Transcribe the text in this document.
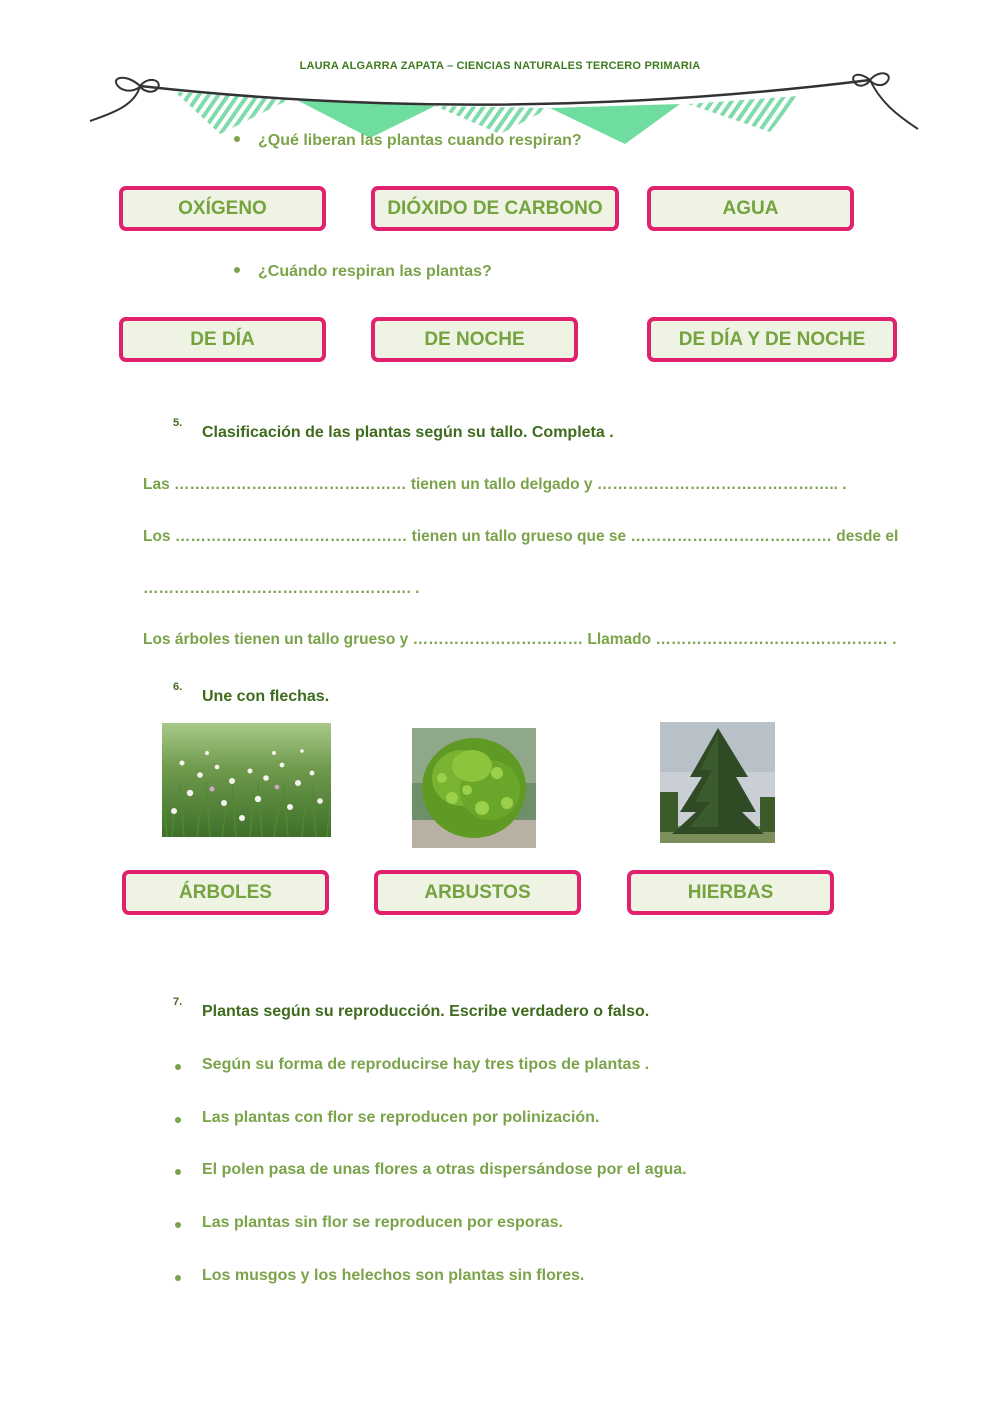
LAURA ALGARRA ZAPATA – CIENCIAS NATURALES TERCERO PRIMARIA
¿Qué liberan las plantas cuando respiran?
OXÍGENO	DIÓXIDO DE CARBONO	AGUA
¿Cuándo respiran las plantas?
DE DÍA	DE NOCHE	DE DÍA Y DE NOCHE
5.
Clasificación de las plantas según su tallo. Completa .
Las ……………………………………… tienen un tallo delgado y ……………………………………….. .
Los ……………………………………… tienen un tallo grueso que se ………………………………… desde el
……………………………………………. .
Los árboles tienen un tallo grueso y …………………………… Llamado ……………………………………… .
6.
Une con flechas.
ÁRBOLES	ARBUSTOS	HIERBAS
7.
Plantas según su reproducción. Escribe verdadero o falso.
Según su forma de reproducirse hay tres tipos de plantas .
Las plantas con flor se reproducen por polinización.
El polen pasa de unas flores a otras dispersándose por el agua.
Las plantas sin flor se reproducen por esporas.
Los musgos y los helechos son plantas sin flores.
